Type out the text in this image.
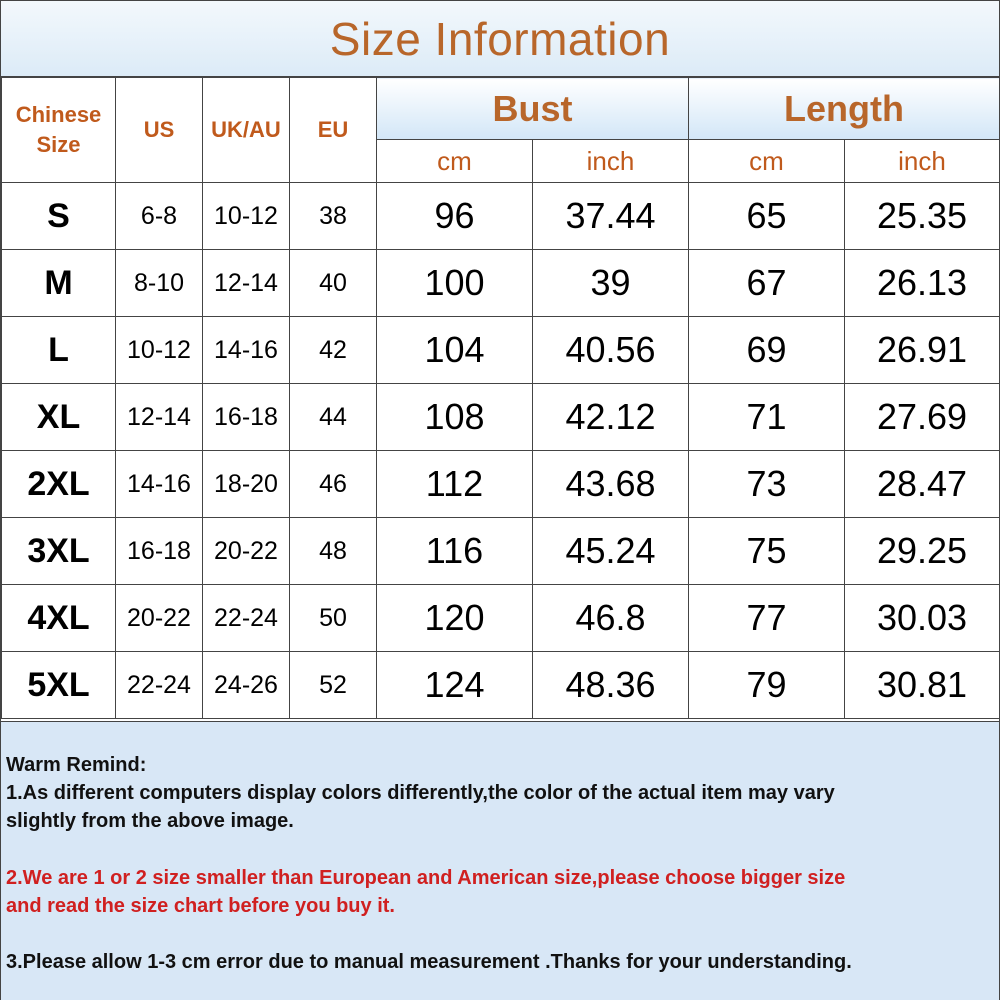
Size Information
Chinese Size	US	UK/AU	EU	Bust		Length	
				cm	inch	cm	inch
S	6-8	10-12	38	96	37.44	65	25.35
M	8-10	12-14	40	100	39	67	26.13
L	10-12	14-16	42	104	40.56	69	26.91
XL	12-14	16-18	44	108	42.12	71	27.69
2XL	14-16	18-20	46	112	43.68	73	28.47
3XL	16-18	20-22	48	116	45.24	75	29.25
4XL	20-22	22-24	50	120	46.8	77	30.03
5XL	22-24	24-26	52	124	48.36	79	30.81

Warm Remind:

1.As different computers display colors differently,the color of the actual item may vary

slightly from the above image.

2.We are 1 or 2 size smaller than European and American size,please choose bigger size

and read the size chart before you buy it.

3.Please allow 1-3 cm error due to manual measurement .Thanks for your understanding.
